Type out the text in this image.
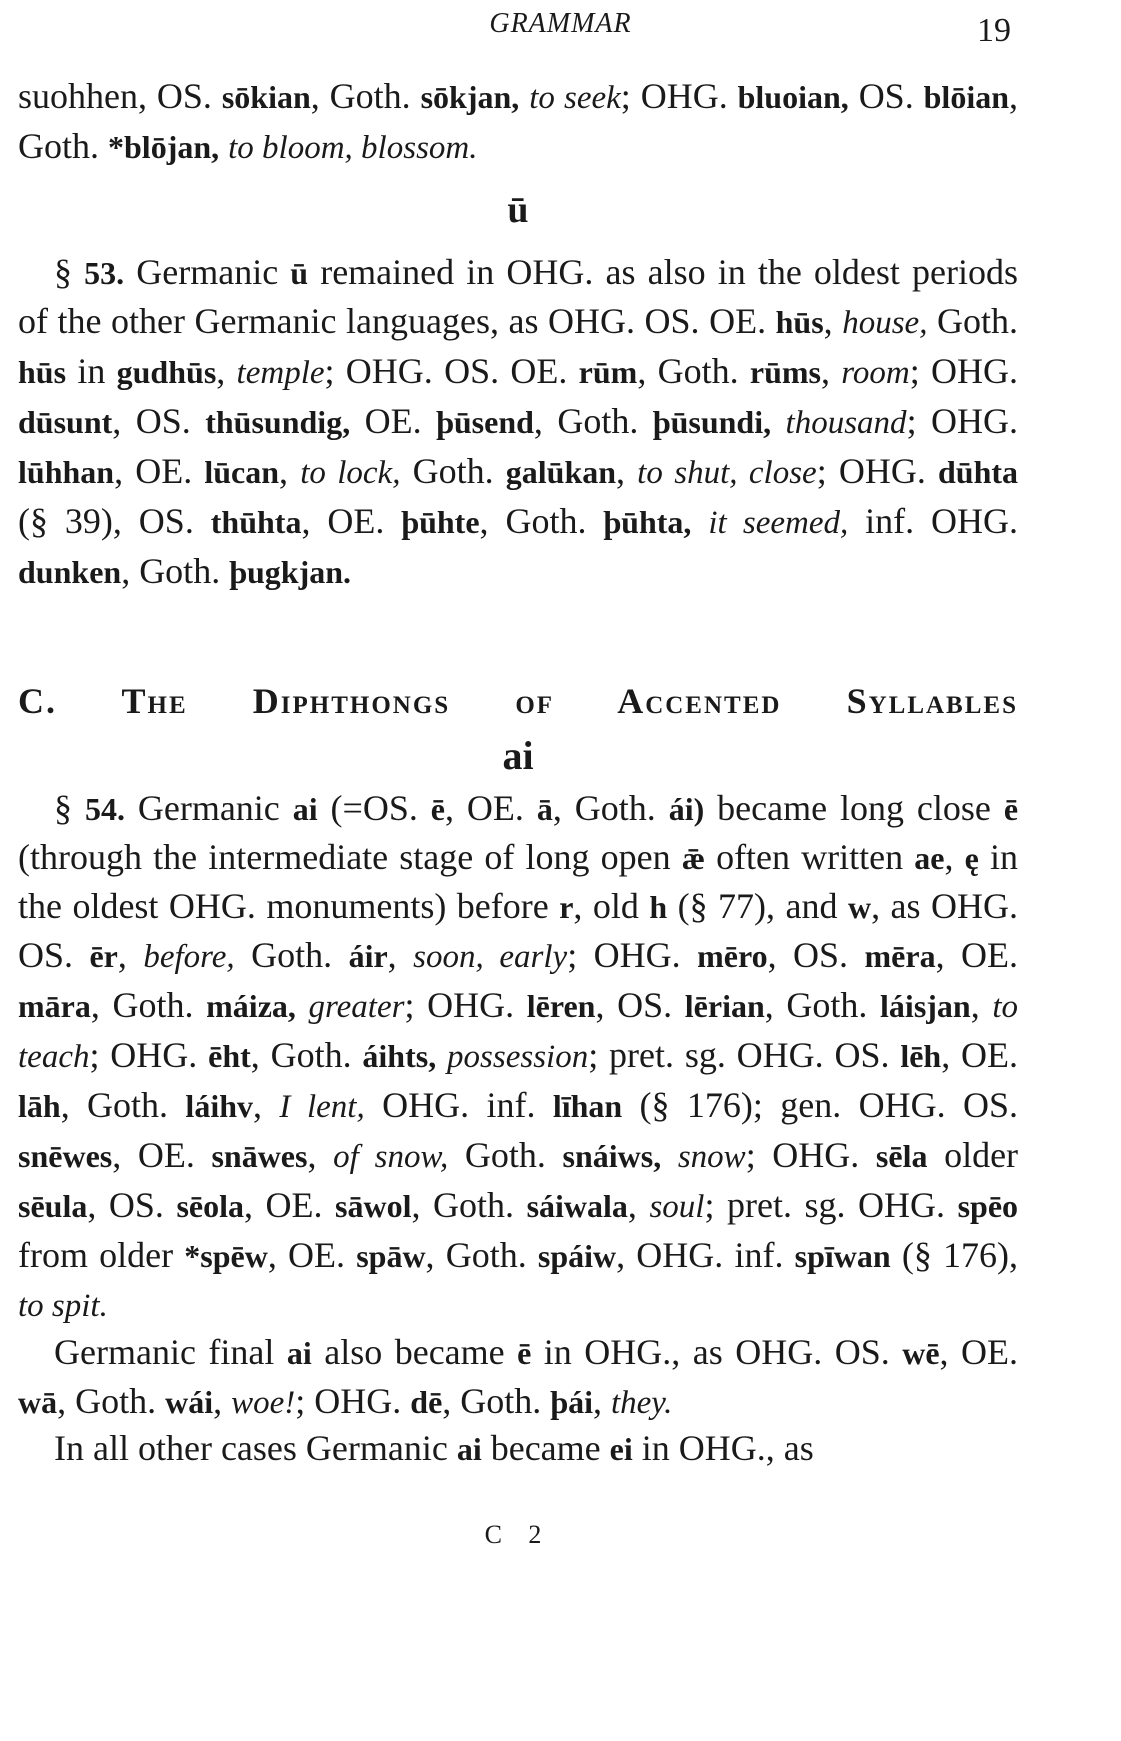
GRAMMAR	19

suohhen, OS. sōkian, Goth. sōkjan, to seek; OHG. bluoian, OS. blōian, Goth. *blōjan, to bloom, blossom.

ū

§ 53. Germanic ū remained in OHG. as also in the oldest periods of the other Germanic languages, as OHG. OS. OE. hūs, house, Goth. hūs in gudhūs, temple; OHG. OS. OE. rūm, Goth. rūms, room; OHG. dūsunt, OS. thūsundig, OE. þūsend, Goth. þūsundi, thousand; OHG. lūhhan, OE. lūcan, to lock, Goth. galūkan, to shut, close; OHG. dūhta (§ 39), OS. thūhta, OE. þūhte, Goth. þūhta, it seemed, inf. OHG. dunken, Goth. þugkjan.

C. The Diphthongs of Accented Syllables
ai

§ 54. Germanic ai (=OS. ē, OE. ā, Goth. ái) became long close ē (through the intermediate stage of long open ǣ often written ae, ę in the oldest OHG. monuments) before r, old h (§ 77), and w, as OHG. OS. ēr, before, Goth. áir, soon, early; OHG. mēro, OS. mēra, OE. māra, Goth. máiza, greater; OHG. lēren, OS. lērian, Goth. láisjan, to teach; OHG. ēht, Goth. áihts, possession; pret. sg. OHG. OS. lēh, OE. lāh, Goth. láihv, I lent, OHG. inf. līhan (§ 176); gen. OHG. OS. snēwes, OE. snāwes, of snow, Goth. snáiws, snow; OHG. sēla older sēula, OS. sēola, OE. sāwol, Goth. sáiwala, soul; pret. sg. OHG. spēo from older *spēw, OE. spāw, Goth. spáiw, OHG. inf. spīwan (§ 176), to spit.

Germanic final ai also became ē in OHG., as OHG. OS. wē, OE. wā, Goth. wái, woe!; OHG. dē, Goth. þái, they.

In all other cases Germanic ai became ei in OHG., as

C 2
